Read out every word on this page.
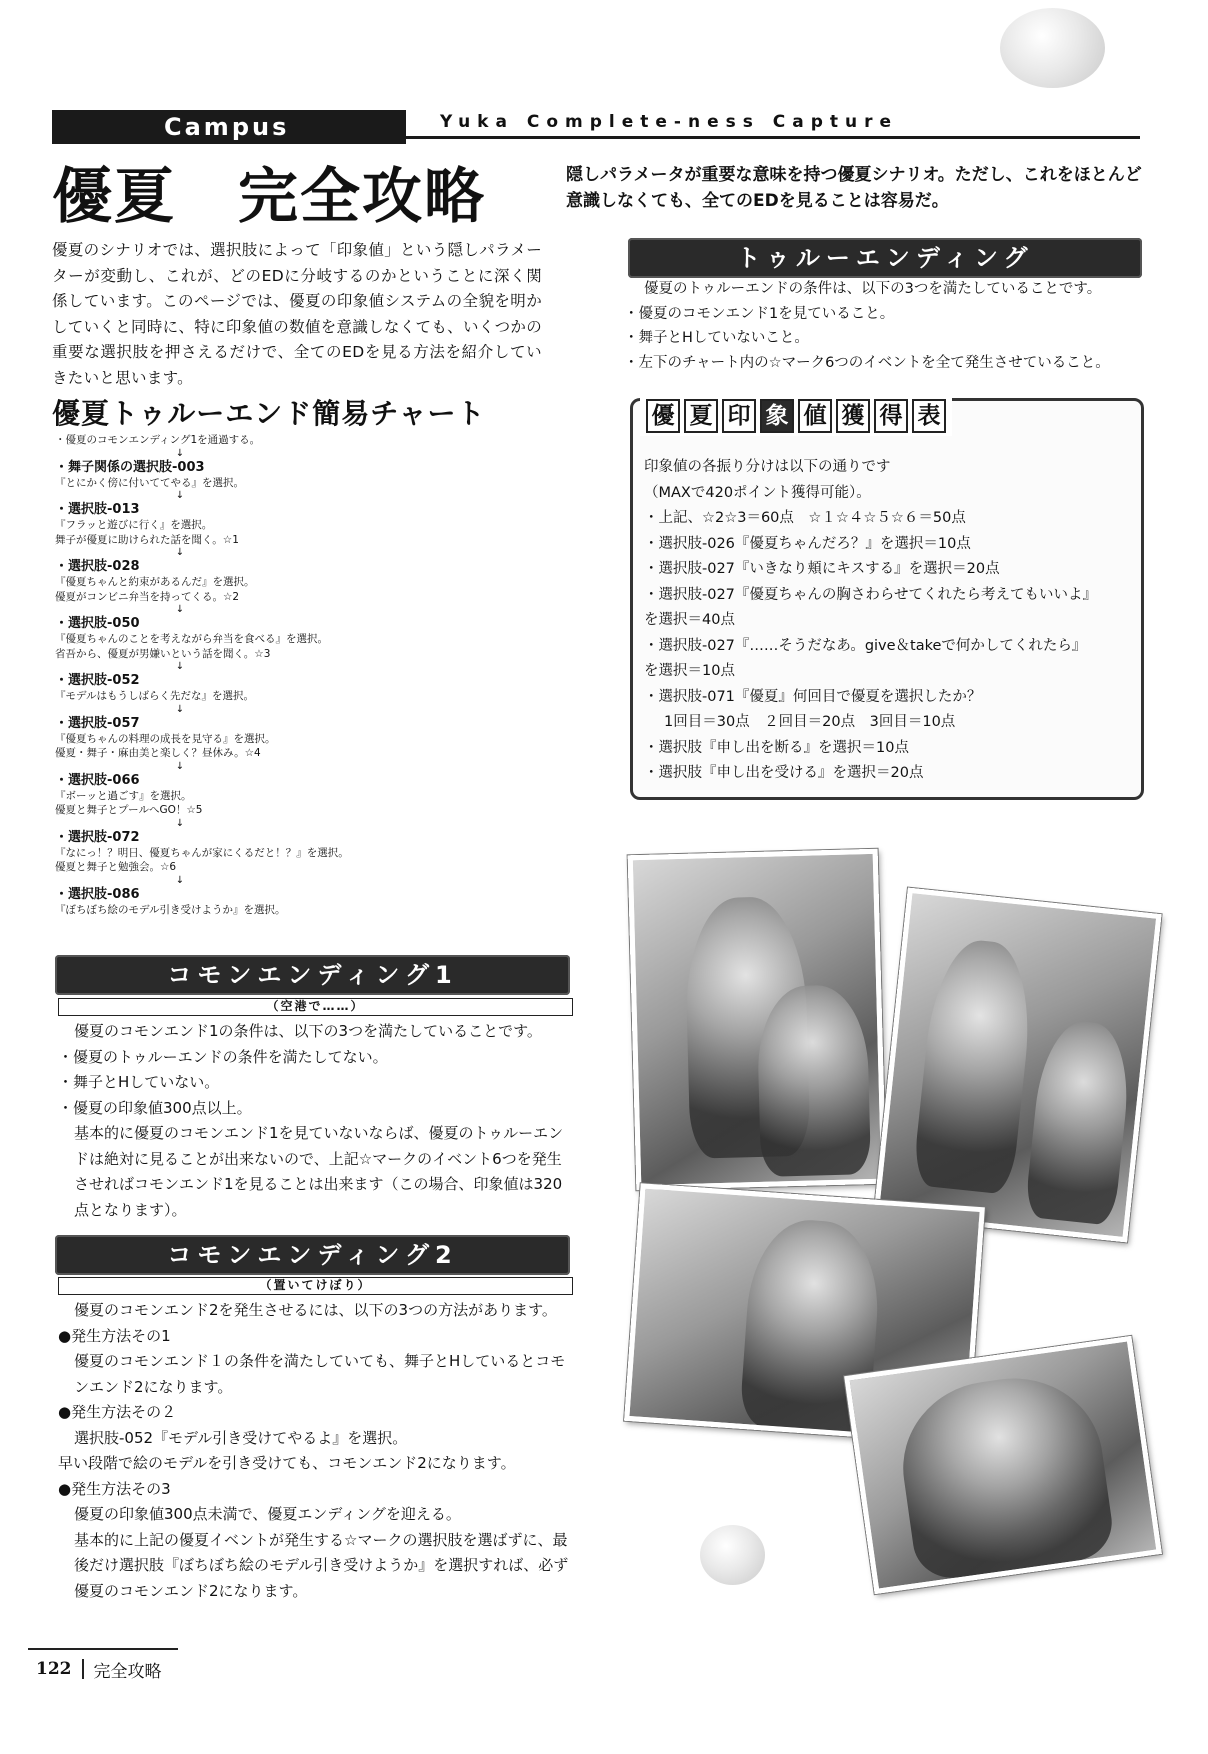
Campus	Yuka Complete-ness Capture
優夏　完全攻略
優夏のシナリオでは、選択肢によって「印象値」という隠しパラメーターが変動し、これが、どのEDに分岐するのかということに深く関係しています。このページでは、優夏の印象値システムの全貌を明かしていくと同時に、特に印象値の数値を意識しなくても、いくつかの重要な選択肢を押さえるだけで、全てのEDを見る方法を紹介していきたいと思います。
優夏トゥルーエンド簡易チャート
・優夏のコモンエンディング1を通過する。
↓
・舞子関係の選択肢-003
『とにかく傍に付いててやる』を選択。
↓
・選択肢-013
『フラッと遊びに行く』を選択。
舞子が優夏に助けられた話を聞く。☆1
↓
・選択肢-028
『優夏ちゃんと約束があるんだ』を選択。
優夏がコンビニ弁当を持ってくる。☆2
↓
・選択肢-050
『優夏ちゃんのことを考えながら弁当を食べる』を選択。
省吾から、優夏が男嫌いという話を聞く。☆3
↓
・選択肢-052
『モデルはもうしばらく先だな』を選択。
↓
・選択肢-057
『優夏ちゃんの料理の成長を見守る』を選択。
優夏・舞子・麻由美と楽しく？昼休み。☆4
↓
・選択肢-066
『ボーッと過ごす』を選択。
優夏と舞子とプールへGO！☆5
↓
・選択肢-072
『なにっ！？明日、優夏ちゃんが家にくるだと！？』を選択。
優夏と舞子と勉強会。☆6
↓
・選択肢-086
『ぼちぼち絵のモデル引き受けようか』を選択。
コモンエンディング1
（空港で……）
優夏のコモンエンド1の条件は、以下の3つを満たしていることです。
・優夏のトゥルーエンドの条件を満たしてない。
・舞子とHしていない。
・優夏の印象値300点以上。
基本的に優夏のコモンエンド1を見ていないならば、優夏のトゥルーエンドは絶対に見ることが出来ないので、上記☆マークのイベント6つを発生させればコモンエンド1を見ることは出来ます（この場合、印象値は320点となります）。
コモンエンディング2
（置いてけぼり）
優夏のコモンエンド2を発生させるには、以下の3つの方法があります。
●発生方法その1
優夏のコモンエンド１の条件を満たしていても、舞子とHしているとコモンエンド2になります。
●発生方法その２
選択肢-052『モデル引き受けてやるよ』を選択。
早い段階で絵のモデルを引き受けても、コモンエンド2になります。
●発生方法その3
優夏の印象値300点未満で、優夏エンディングを迎える。
基本的に上記の優夏イベントが発生する☆マークの選択肢を選ばずに、最後だけ選択肢『ぼちぼち絵のモデル引き受けようか』を選択すれば、必ず優夏のコモンエンド2になります。
隠しパラメータが重要な意味を持つ優夏シナリオ。ただし、これをほとんど意識しなくても、全てのEDを見ることは容易だ。
トゥルーエンディング
優夏のトゥルーエンドの条件は、以下の3つを満たしていることです。
・優夏のコモンエンド1を見ていること。
・舞子とHしていないこと。
・左下のチャート内の☆マーク6つのイベントを全て発生させていること。
優 夏 印 象 値 獲 得 表
印象値の各振り分けは以下の通りです
（MAXで420ポイント獲得可能）。
・上記、☆2☆3＝60点　☆１☆４☆５☆６＝50点
・選択肢-026『優夏ちゃんだろ？』を選択＝10点
・選択肢-027『いきなり頬にキスする』を選択＝20点
・選択肢-027『優夏ちゃんの胸さわらせてくれたら考えてもいいよ』
を選択＝40点
・選択肢-027『……そうだなあ。give＆takeで何かしてくれたら』
を選択＝10点
・選択肢-071『優夏』何回目で優夏を選択したか？
1回目＝30点　２回目＝20点　3回目＝10点
・選択肢『申し出を断る』を選択＝10点
・選択肢『申し出を受ける』を選択＝20点
122	完全攻略
